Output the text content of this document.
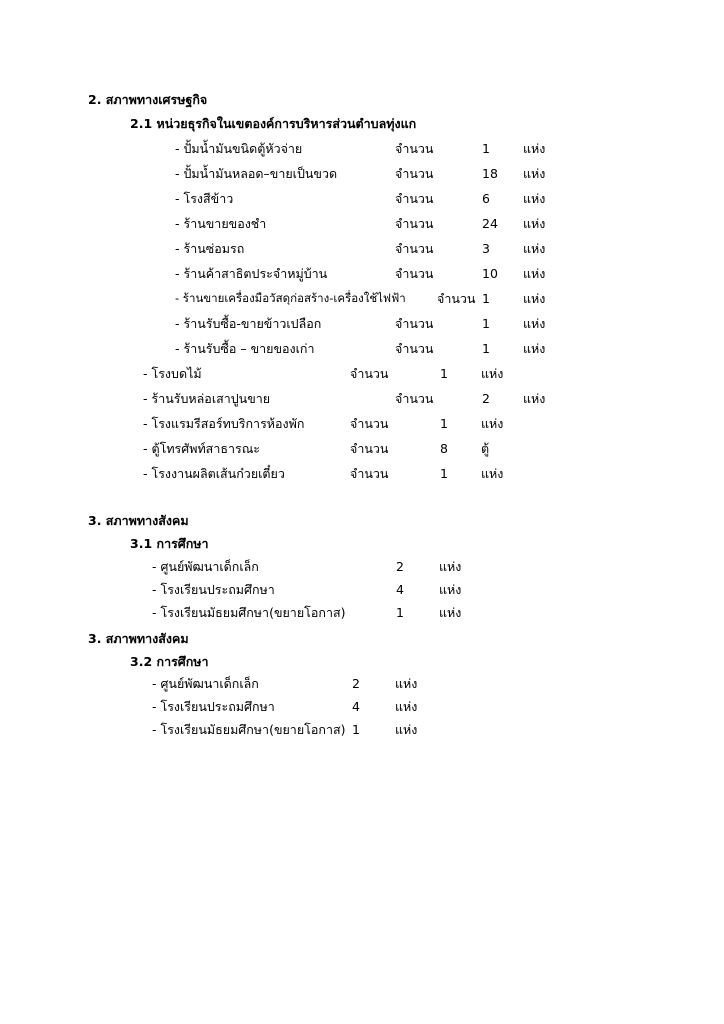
2. สภาพทางเศรษฐกิจ
2.1 หน่วยธุรกิจในเขตองค์การบริหารส่วนตำบลทุ่งแก
- ปั้มน้ำมันขนิดตู้หัวจ่าย	จำนวน	1	แห่ง
- ปั้มน้ำมันหลอด–ขายเป็นขวด	จำนวน	18 แห่ง
- โรงสีข้าว	จำนวน	6	แห่ง
- ร้านขายของชำ	จำนวน	24 แห่ง
- ร้านซ่อมรถ	จำนวน	3	แห่ง
- ร้านค้าสาธิตประจำหมู่บ้าน	จำนวน	10 แห่ง
- ร้านขายเครื่องมือวัสดุก่อสร้าง-เครื่องใช้ไฟฟ้า	จำนวน 1	แห่ง
- ร้านรับซื้อ-ขายข้าวเปลือก	จำนวน	1	แห่ง
- ร้านรับซื้อ – ขายของเก่า	จำนวน	1	แห่ง
- โรงบดไม้	จำนวน	1	แห่ง
- ร้านรับหล่อเสาปูนขาย	จำนวน	2	แห่ง
- โรงแรมรีสอร์ทบริการห้องพัก	จำนวน	1	แห่ง
- ตู้โทรศัพท์สาธารณะ	จำนวน	8	ตู้
- โรงงานผลิตเส้นก๋วยเตี๋ยว	จำนวน	1	แห่ง
3. สภาพทางสังคม
3.1 การศึกษา
- ศูนย์พัฒนาเด็กเล็ก	2	แห่ง
- โรงเรียนประถมศึกษา	4	แห่ง
- โรงเรียนมัธยมศึกษา(ขยายโอกาส)	1	แห่ง
3. สภาพทางสังคม
3.2 การศึกษา
- ศูนย์พัฒนาเด็กเล็ก	2	แห่ง
- โรงเรียนประถมศึกษา	4	แห่ง
- โรงเรียนมัธยมศึกษา(ขยายโอกาส) 1	แห่ง
